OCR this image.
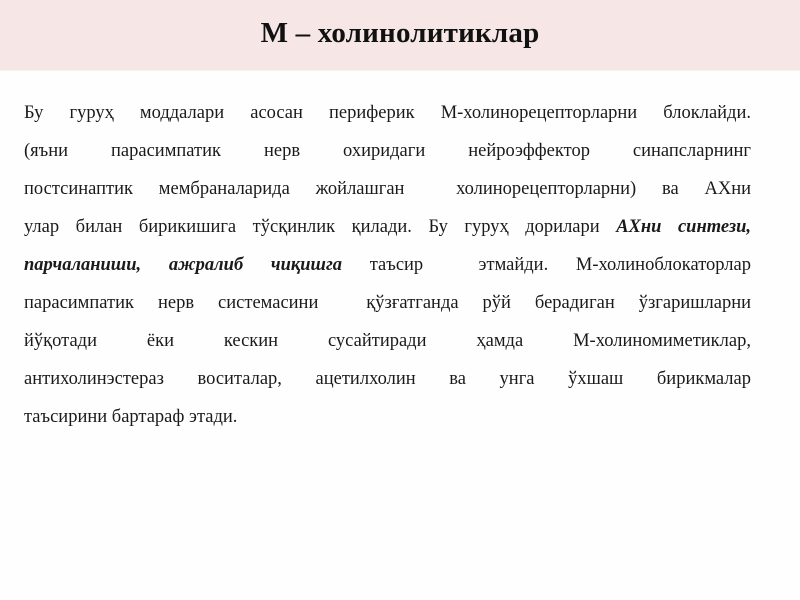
М – холинолитиклар
Бу гуруҳ моддалари асосан периферик М-холинорецепторларни блоклайди.
(яъни парасимпатик нерв охиридаги нейроэффектор синапсларнинг
постсинаптик мембраналарида жойлашган  холинорецепторларни) ва АХни
улар билан бирикишига тўсқинлик қилади. Бу гуруҳ дорилари АХни синтези,
парчаланиши, ажралиб чиқишга таъсир  этмайди. М-холиноблокаторлар
парасимпатик нерв системасини  қўзғатганда рўй берадиган ўзгаришларни
йўқотади ёки кескин сусайтиради ҳамда М-холиномиметиклар,
антихолинэстераз воситалар, ацетилхолин ва унга ўхшаш бирикмалар
таъсирини бартараф этади.
